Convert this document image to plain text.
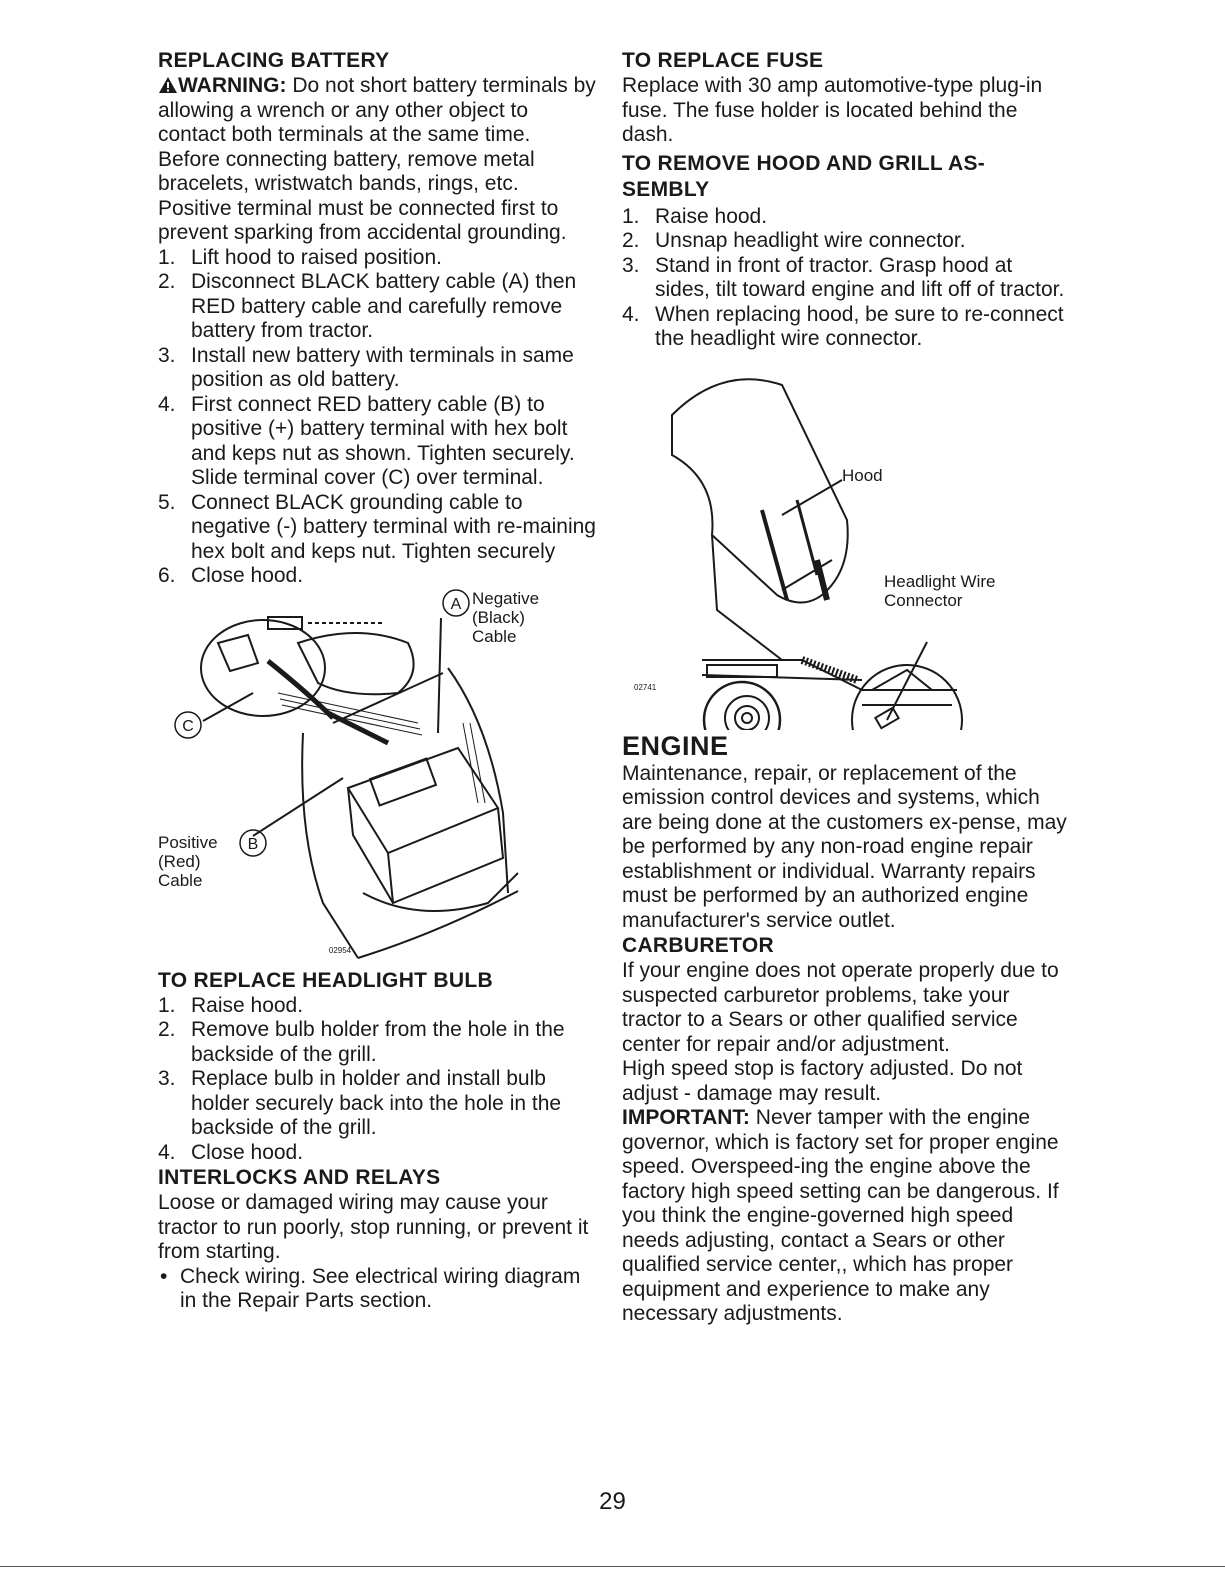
REPLACING BATTERY

WARNING: Do not short battery terminals by allowing a wrench or any other object to contact both terminals at the same time. Before connecting battery, remove metal bracelets, wristwatch bands, rings, etc.

Positive terminal must be connected first to prevent sparking from accidental grounding.

1. Lift hood to raised position.
2. Disconnect BLACK battery cable (A) then RED battery cable and carefully remove battery from tractor.
3. Install new battery with terminals in same position as old battery.
4. First connect RED battery cable (B) to positive (+) battery terminal with hex bolt and keps nut as shown. Tighten securely. Slide terminal cover (C) over terminal.
5. Connect BLACK grounding cable to negative (-) battery terminal with re-maining hex bolt and keps nut. Tighten securely
6. Close hood.
A
C
B
02954
Negative
(Black)
Cable
Positive
(Red)
Cable
TO REPLACE HEADLIGHT BULB
1. Raise hood.
2. Remove bulb holder from the hole in the backside of the grill.
3. Replace bulb in holder and install bulb holder securely back into the hole in the backside of the grill.
4. Close hood.
INTERLOCKS AND RELAYS

Loose or damaged wiring may cause your tractor to run poorly, stop running, or prevent it from starting.

• Check wiring. See electrical wiring diagram in the Repair Parts section.
TO REPLACE FUSE

Replace with 30 amp automotive-type plug-in fuse. The fuse holder is located behind the dash.

TO REMOVE HOOD AND GRILL AS-SEMBLY
1. Raise hood.
2. Unsnap headlight wire connector.
3. Stand in front of tractor. Grasp hood at sides, tilt toward engine and lift off of tractor.
4. When replacing hood, be sure to re-connect the headlight wire connector.
02741
Hood
Headlight Wire
Connector
ENGINE

Maintenance, repair, or replacement of the emission control devices and systems, which are being done at the customers ex-pense, may be performed by any non-road engine repair establishment or individual. Warranty repairs must be performed by an authorized engine manufacturer's service outlet.

CARBURETOR

If your engine does not operate properly due to suspected carburetor problems, take your tractor to a Sears or other qualified service center for repair and/or adjustment.

High speed stop is factory adjusted. Do not adjust - damage may result.

IMPORTANT: Never tamper with the engine governor, which is factory set for proper engine speed. Overspeed-ing the engine above the factory high speed setting can be dangerous. If you think the engine-governed high speed needs adjusting, contact a Sears or other qualified service center,, which has proper equipment and experience to make any necessary adjustments.

29
